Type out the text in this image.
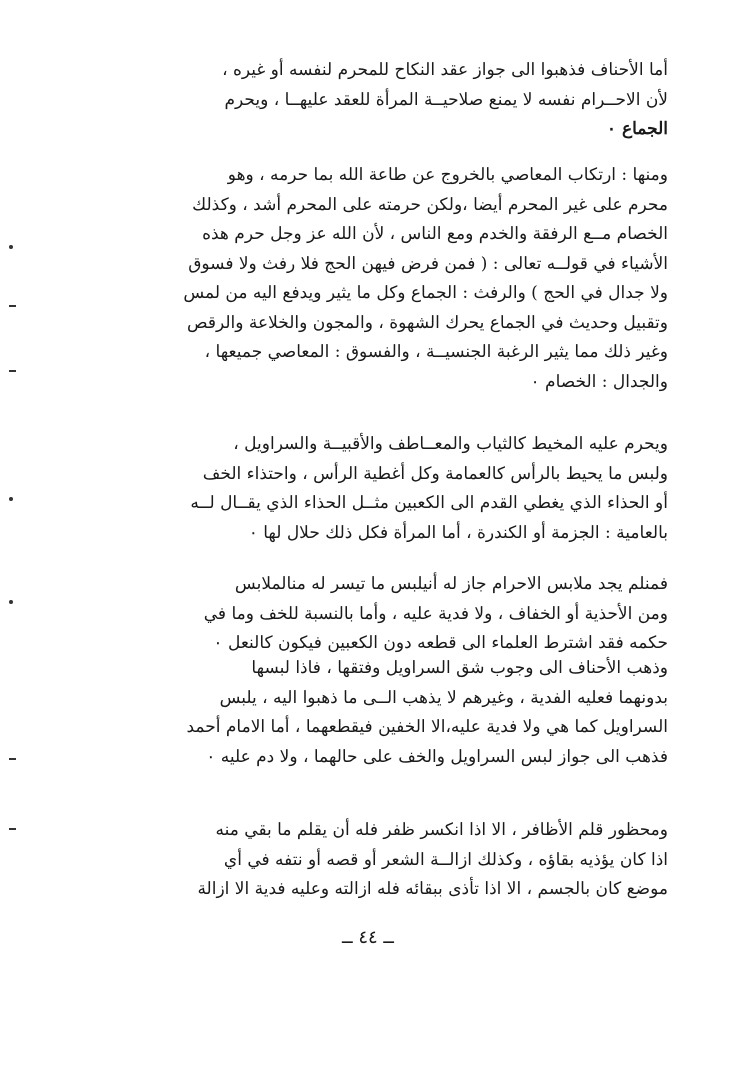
أما الأحناف فذهبوا الى جواز عقد النكاح للمحرم لنفسه أو غيره ،
لأن الاحــرام نفسه لا يمنع صلاحيــة المرأة للعقد عليهــا ، ويحرم
الجماع ٠

ومنها : ارتكاب المعاصي بالخروج عن طاعة الله بما حرمه ، وهو
محرم على غير المحرم أيضا ،ولكن حرمته على المحرم أشد ، وكذلك
الخصام مــع الرفقة والخدم ومع الناس ، لأن الله عز وجل حرم هذه
الأشياء في قولــه تعالى : ( فمن فرض فيهن الحج فلا رفث ولا فسوق
ولا جدال في الحج ) والرفث : الجماع وكل ما يثير ويدفع اليه من لمس
وتقبيل وحديث في الجماع يحرك الشهوة ، والمجون والخلاعة والرقص
وغير ذلك مما يثير الرغبة الجنسيــة ، والفسوق : المعاصي جميعها ،
والجدال : الخصام ٠

ويحرم عليه المخيط كالثياب والمعــاطف والأقبيــة والسراويل ،
ولبس ما يحيط بالرأس كالعمامة وكل أغطية الرأس ، واحتذاء الخف
أو الحذاء الذي يغطي القدم الى الكعبين مثــل الحذاء الذي يقــال لــه
بالعامية : الجزمة أو الكندرة ، أما المرأة فكل ذلك حلال لها ٠

فمنلم يجد ملابس الاحرام جاز له أنيلبس ما تيسر له منالملابس
ومن الأحذية أو الخفاف ، ولا فدية عليه ، وأما بالنسبة للخف وما في
حكمه فقد اشترط العلماء الى قطعه دون الكعبين فيكون كالنعل ٠

وذهب الأحناف الى وجوب شق السراويل وفتقها ، فاذا لبسها
بدونهما فعليه الفدية ، وغيرهم لا يذهب الــى ما ذهبوا اليه ، يلبس
السراويل كما هي ولا فدية عليه،الا الخفين فيقطعهما ، أما الامام أحمد
فذهب الى جواز لبس السراويل والخف على حالهما ، ولا دم عليه ٠

ومحظور قلم الأظافر ، الا اذا انكسر ظفر فله أن يقلم ما بقي منه
اذا كان يؤذيه بقاؤه ، وكذلك ازالــة الشعر أو قصه أو نتفه في أي
موضع كان بالجسم ، الا اذا تأذى ببقائه فله ازالته وعليه فدية الا ازالة

ــ ٤٤ ــ
